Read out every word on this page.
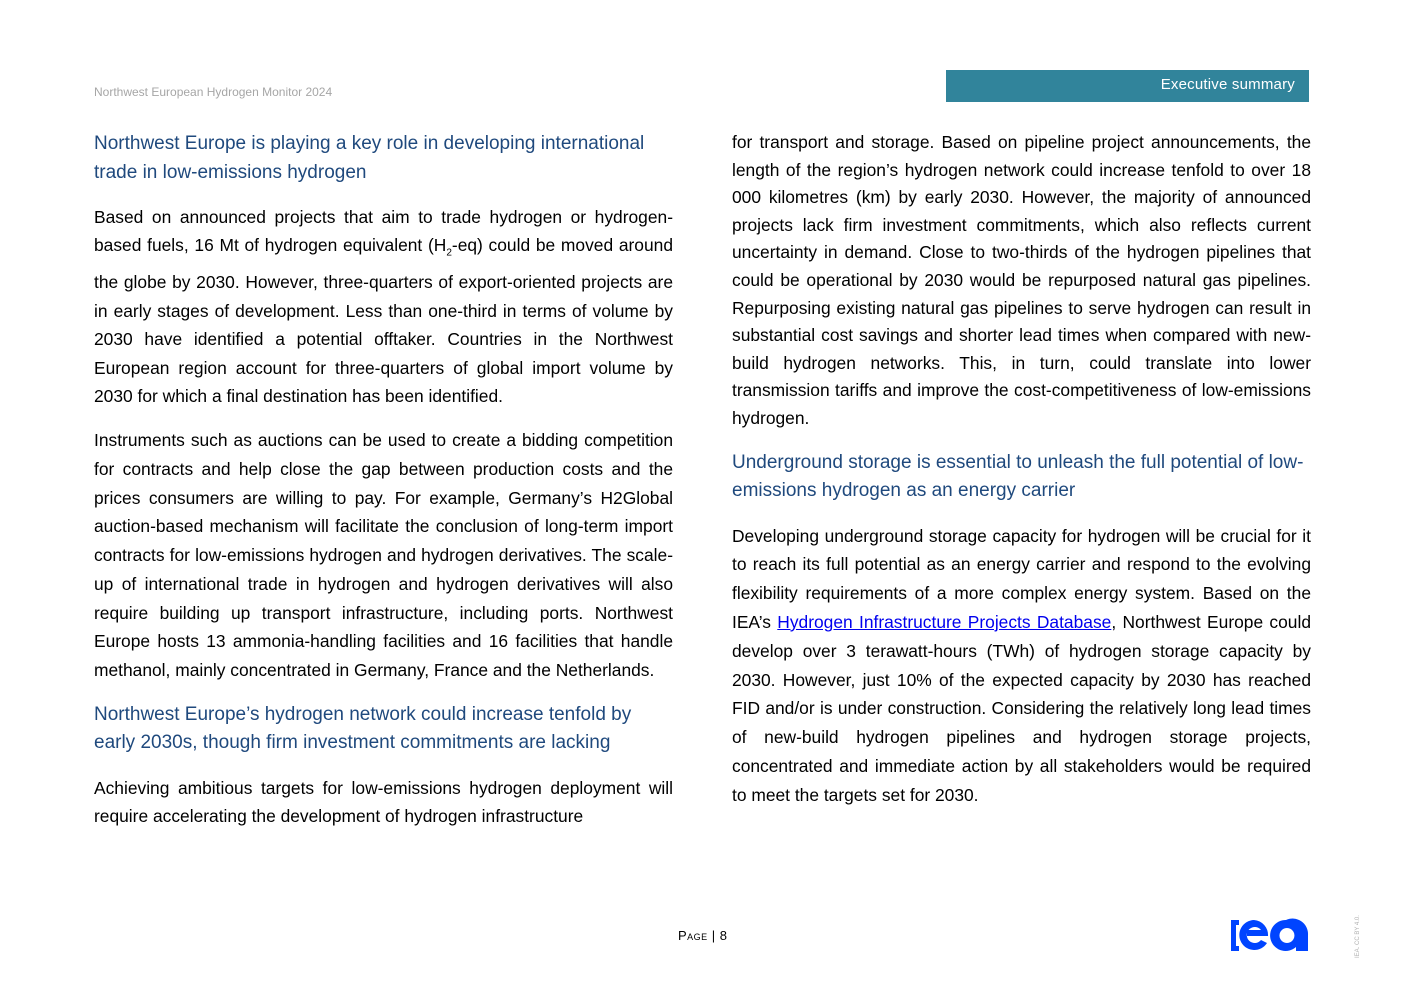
Northwest European Hydrogen Monitor 2024	Executive summary
Northwest Europe is playing a key role in developing international trade in low-emissions hydrogen

Based on announced projects that aim to trade hydrogen or hydrogen-based fuels, 16 Mt of hydrogen equivalent $(H_2-eq)$ could be moved around the globe by 2030. However, three-quarters of export-oriented projects are in early stages of development. Less than one-third in terms of volume by 2030 have identified a potential offtaker. Countries in the Northwest European region account for three-quarters of global import volume by 2030 for which a final destination has been identified.

Instruments such as auctions can be used to create a bidding competition for contracts and help close the gap between production costs and the prices consumers are willing to pay. For example, Germany’s H2Global auction-based mechanism will facilitate the conclusion of long-term import contracts for low-emissions hydrogen and hydrogen derivatives. The scale-up of international trade in hydrogen and hydrogen derivatives will also require building up transport infrastructure, including ports. Northwest Europe hosts 13 ammonia-handling facilities and 16 facilities that handle methanol, mainly concentrated in Germany, France and the Netherlands.

Northwest Europe’s hydrogen network could increase tenfold by early 2030s, though firm investment commitments are lacking

Achieving ambitious targets for low-emissions hydrogen deployment will require accelerating the development of hydrogen infrastructure

for transport and storage. Based on pipeline project announcements, the length of the region’s hydrogen network could increase tenfold to over 18 000 kilometres (km) by early 2030. However, the majority of announced projects lack firm investment commitments, which also reflects current uncertainty in demand. Close to two-thirds of the hydrogen pipelines that could be operational by 2030 would be repurposed natural gas pipelines. Repurposing existing natural gas pipelines to serve hydrogen can result in substantial cost savings and shorter lead times when compared with new-build hydrogen networks. This, in turn, could translate into lower transmission tariffs and improve the cost-competitiveness of low-emissions hydrogen.

Underground storage is essential to unleash the full potential of low-emissions hydrogen as an energy carrier

Developing underground storage capacity for hydrogen will be crucial for it to reach its full potential as an energy carrier and respond to the evolving flexibility requirements of a more complex energy system. Based on the IEA’s Hydrogen Infrastructure Projects Database, Northwest Europe could develop over 3 terawatt-hours (TWh) of hydrogen storage capacity by 2030. However, just 10% of the expected capacity by 2030 has reached FID and/or is under construction. Considering the relatively long lead times of new-build hydrogen pipelines and hydrogen storage projects, concentrated and immediate action by all stakeholders would be required to meet the targets set for 2030.

Page | 8	IEA. CC BY 4.0.
